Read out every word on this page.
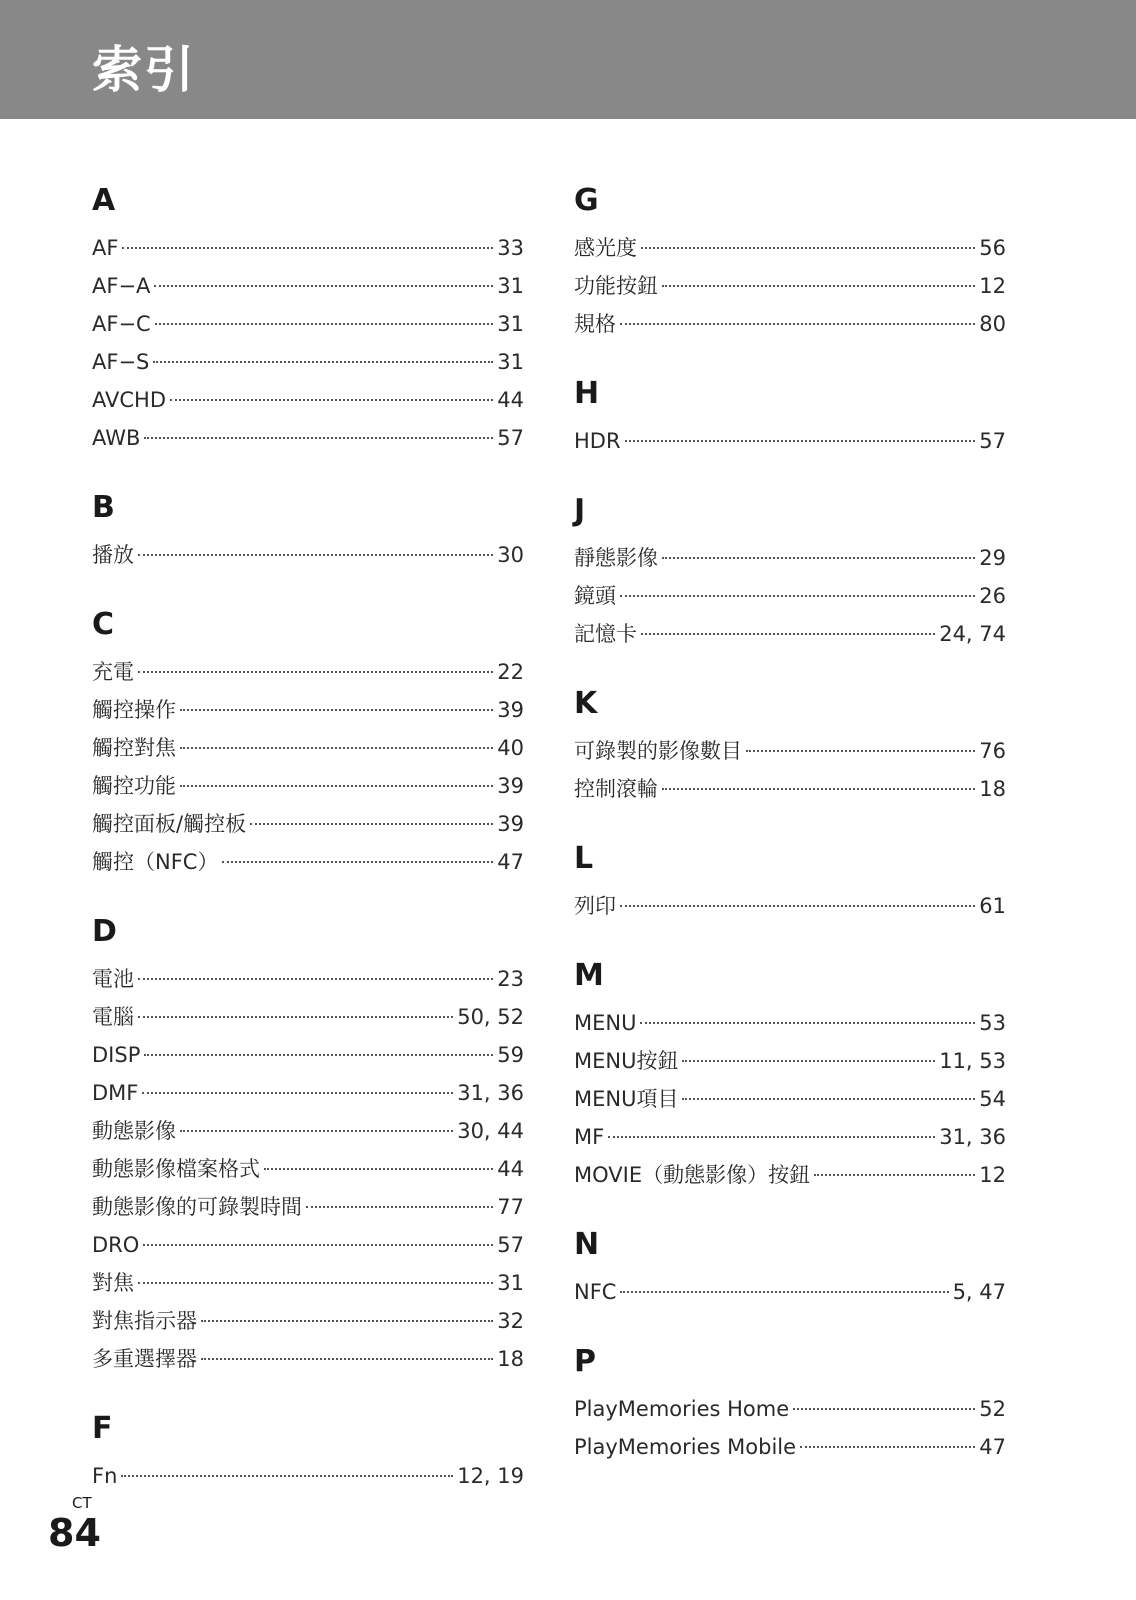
索引
A
AF	33
AF−A	31
AF−C	31
AF−S	31
AVCHD	44
AWB	57
B
播放	30
C
充電	22
觸控操作	39
觸控對焦	40
觸控功能	39
觸控面板/觸控板	39
觸控（NFC）	47
D
電池	23
電腦	50, 52
DISP	59
DMF	31, 36
動態影像	30, 44
動態影像檔案格式	44
動態影像的可錄製時間	77
DRO	57
對焦	31
對焦指示器	32
多重選擇器	18
F
Fn	12, 19
G
感光度	56
功能按鈕	12
規格	80
H
HDR	57
J
靜態影像	29
鏡頭	26
記憶卡	24, 74
K
可錄製的影像數目	76
控制滾輪	18
L
列印	61
M
MENU	53
MENU按鈕	11, 53
MENU項目	54
MF	31, 36
MOVIE（動態影像）按鈕	12
N
NFC	5, 47
P
PlayMemories Home	52
PlayMemories Mobile	47
CT
84
